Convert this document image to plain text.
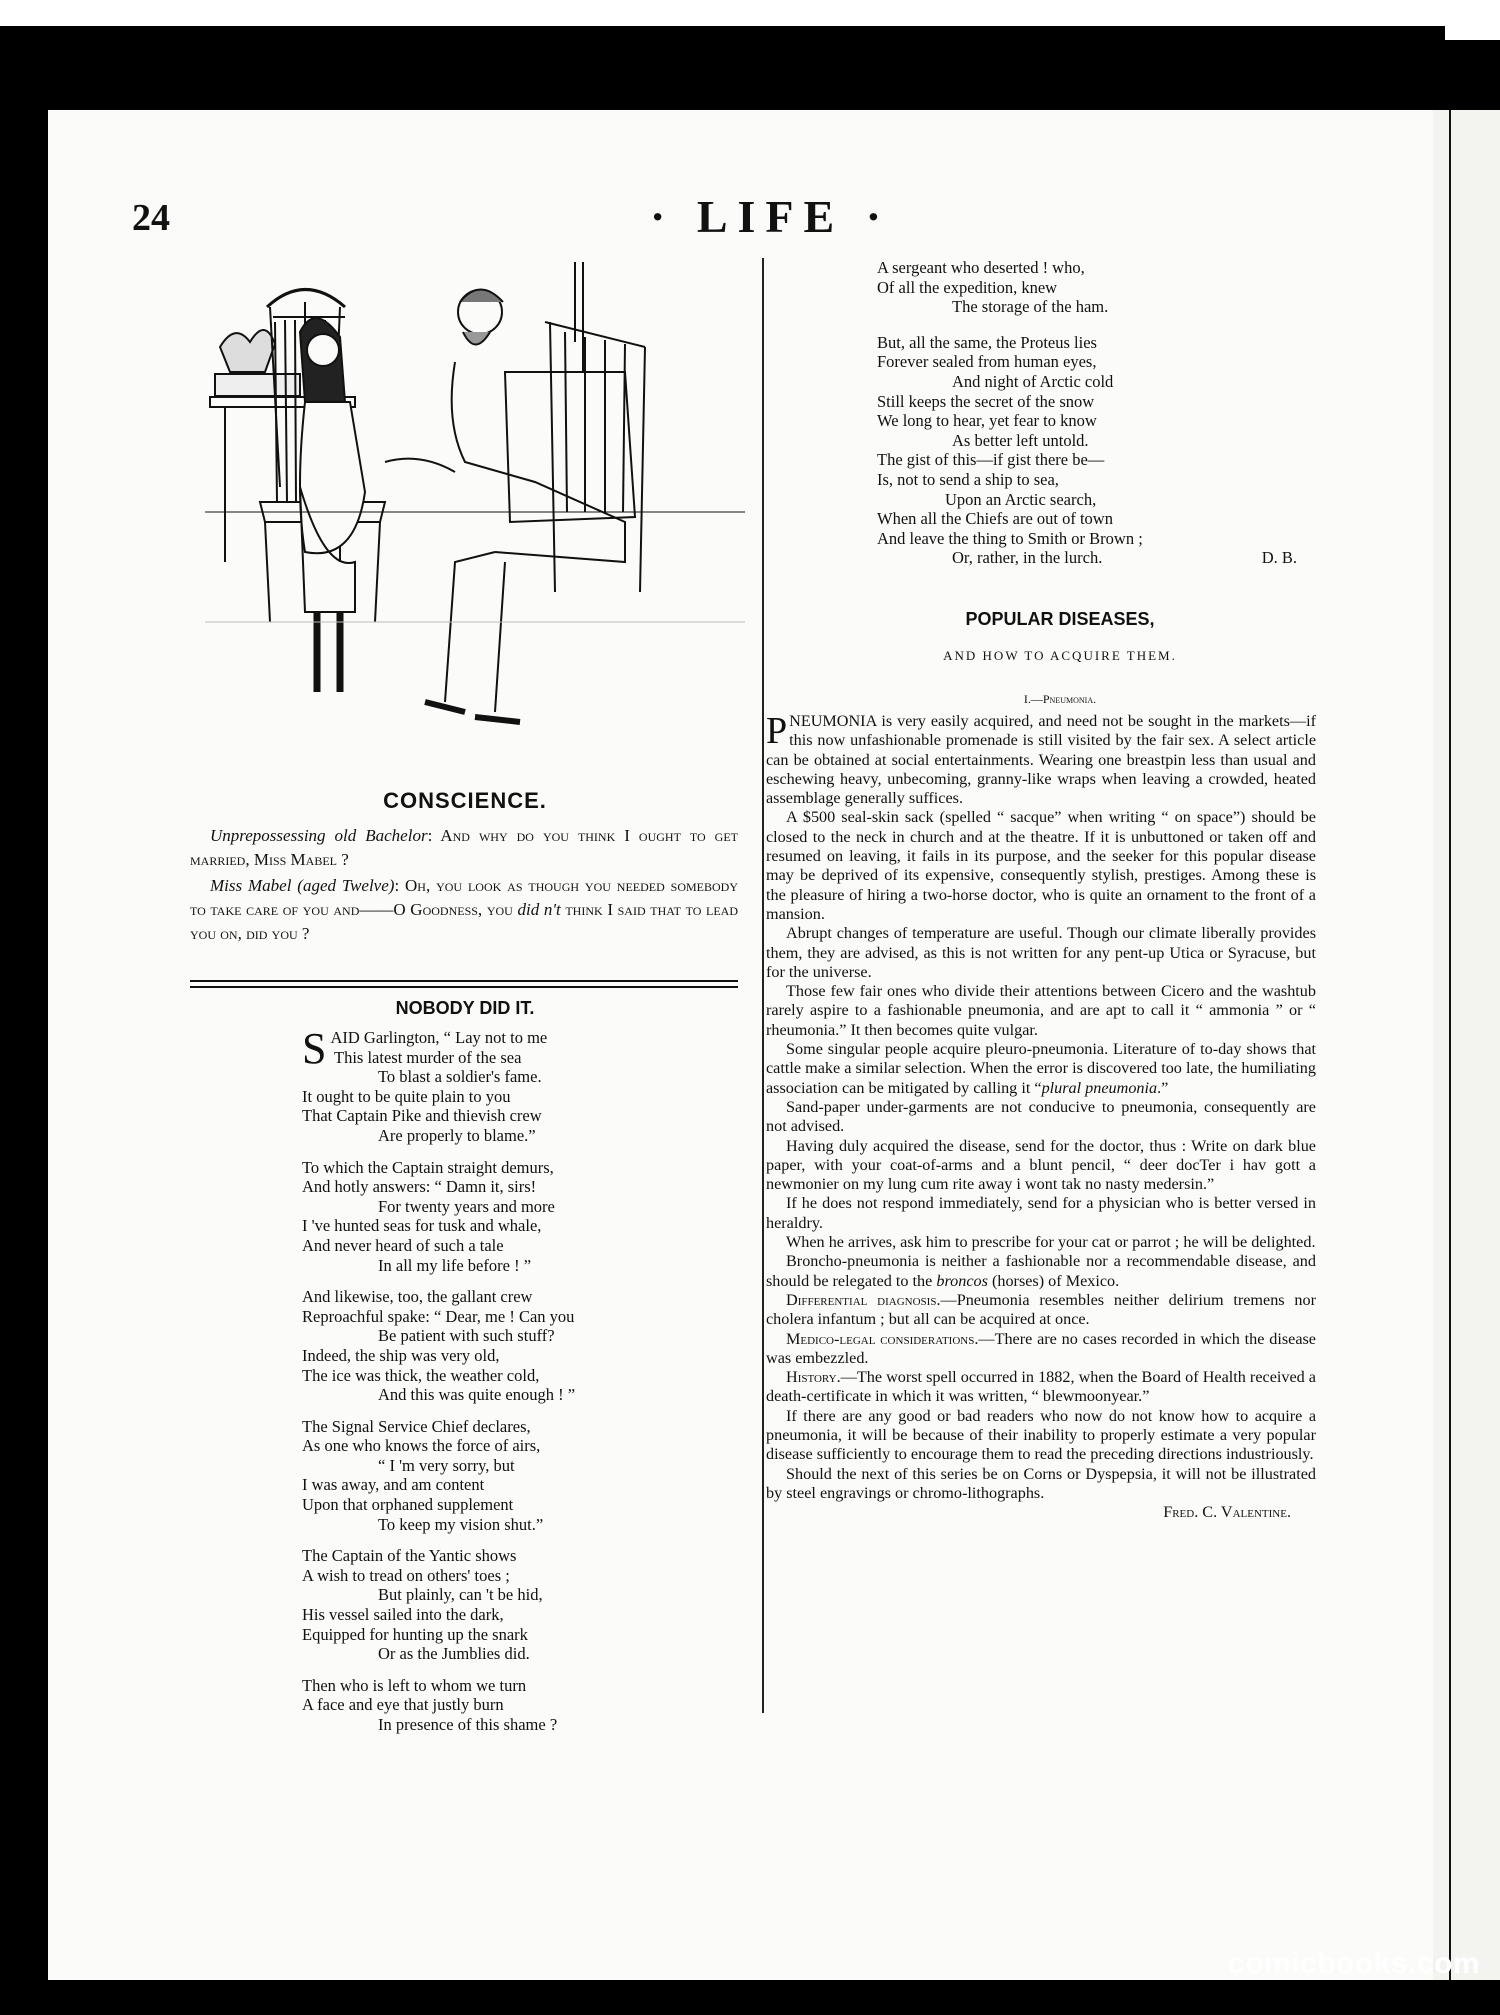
24	· LIFE ·
CONSCIENCE.

Unprepossessing old Bachelor: And why do you think I ought to get married, Miss Mabel ?

Miss Mabel (aged Twelve): Oh, you look as though you needed somebody to take care of you and——O Goodness, you did n't think I said that to lead you on, did you ?

NOBODY DID IT.
S AID Garlington, “ Lay not to me
This latest murder of the sea
To blast a soldier's fame.
It ought to be quite plain to you
That Captain Pike and thievish crew
Are properly to blame.”
To which the Captain straight demurs,
And hotly answers: “ Damn it, sirs!
For twenty years and more
I 've hunted seas for tusk and whale,
And never heard of such a tale
In all my life before ! ”
And likewise, too, the gallant crew
Reproachful spake: “ Dear, me ! Can you
Be patient with such stuff?
Indeed, the ship was very old,
The ice was thick, the weather cold,
And this was quite enough ! ”
The Signal Service Chief declares,
As one who knows the force of airs,
“ I 'm very sorry, but
I was away, and am content
Upon that orphaned supplement
To keep my vision shut.”
The Captain of the Yantic shows
A wish to tread on others' toes ;
But plainly, can 't be hid,
His vessel sailed into the dark,
Equipped for hunting up the snark
Or as the Jumblies did.
Then who is left to whom we turn
A face and eye that justly burn
In presence of this shame ?
A sergeant who deserted ! who,
Of all the expedition, knew
The storage of the ham.
But, all the same, the Proteus lies
Forever sealed from human eyes,
And night of Arctic cold
Still keeps the secret of the snow
We long to hear, yet fear to know
As better left untold.
The gist of this—if gist there be—
Is, not to send a ship to sea,
Upon an Arctic search,
When all the Chiefs are out of town
And leave the thing to Smith or Brown ;
Or, rather, in the lurch.	D. B.
POPULAR DISEASES,
AND HOW TO ACQUIRE THEM.
I.—Pneumonia.

PNEUMONIA is very easily acquired, and need not be sought in the markets—if this now unfashionable promenade is still visited by the fair sex. A select article can be obtained at social entertainments. Wearing one breastpin less than usual and eschewing heavy, unbecoming, granny-like wraps when leaving a crowded, heated assemblage generally suffices.

A $500 seal-skin sack (spelled “ sacque” when writing “ on space”) should be closed to the neck in church and at the theatre. If it is unbuttoned or taken off and resumed on leaving, it fails in its purpose, and the seeker for this popular disease may be deprived of its expensive, consequently stylish, prestiges. Among these is the pleasure of hiring a two-horse doctor, who is quite an ornament to the front of a mansion.

Abrupt changes of temperature are useful. Though our climate liberally provides them, they are advised, as this is not written for any pent-up Utica or Syracuse, but for the universe.

Those few fair ones who divide their attentions between Cicero and the washtub rarely aspire to a fashionable pneumonia, and are apt to call it “ ammonia ” or “ rheumonia.” It then becomes quite vulgar.

Some singular people acquire pleuro-pneumonia. Literature of to-day shows that cattle make a similar selection. When the error is discovered too late, the humiliating association can be mitigated by calling it “plural pneumonia.”

Sand-paper under-garments are not conducive to pneumonia, consequently are not advised.

Having duly acquired the disease, send for the doctor, thus : Write on dark blue paper, with your coat-of-arms and a blunt pencil, “ deer docTer i hav gott a newmonier on my lung cum rite away i wont tak no nasty medersin.”

If he does not respond immediately, send for a physician who is better versed in heraldry.

When he arrives, ask him to prescribe for your cat or parrot ; he will be delighted.

Broncho-pneumonia is neither a fashionable nor a recommendable disease, and should be relegated to the broncos (horses) of Mexico.

Differential diagnosis.—Pneumonia resembles neither delirium tremens nor cholera infantum ; but all can be acquired at once.

Medico-legal considerations.—There are no cases recorded in which the disease was embezzled.

History.—The worst spell occurred in 1882, when the Board of Health received a death-certificate in which it was written, “ blewmoonyear.”

If there are any good or bad readers who now do not know how to acquire a pneumonia, it will be because of their inability to properly estimate a very popular disease sufficiently to encourage them to read the preceding directions industriously.

Should the next of this series be on Corns or Dyspepsia, it will not be illustrated by steel engravings or chromo-lithographs.

Fred. C. Valentine.
comicbooks.com
